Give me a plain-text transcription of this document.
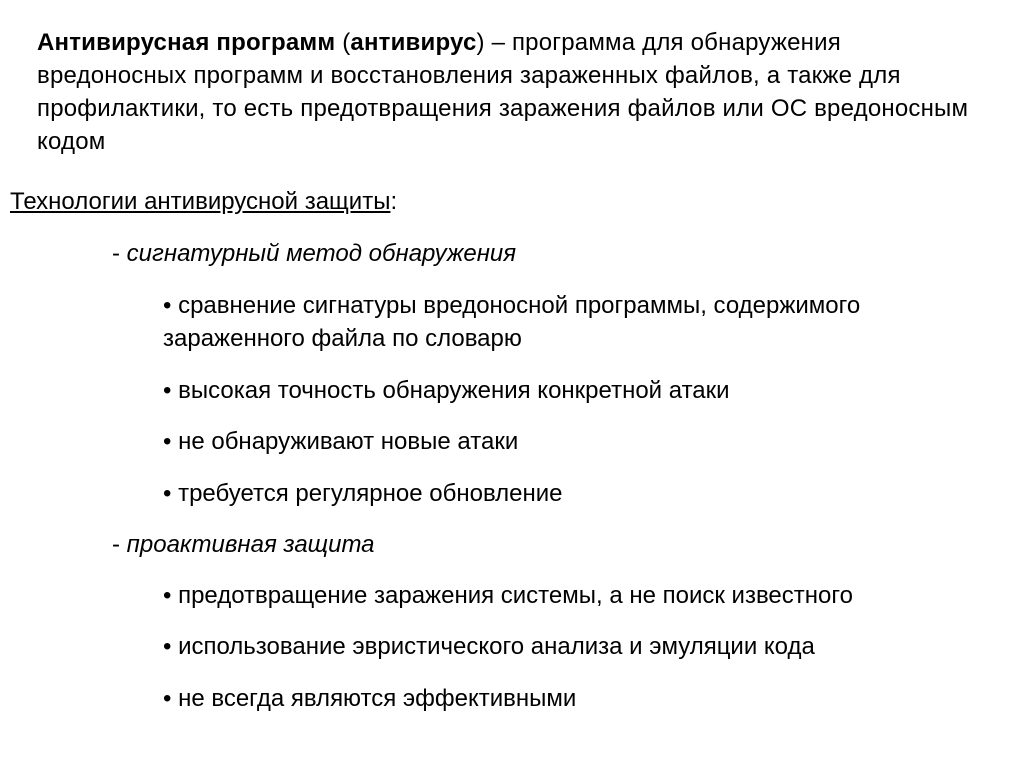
Антивирусная программ (антивирус) – программа для обнаружения вредоносных программ и восстановления зараженных файлов, а также для профилактики, то есть предотвращения заражения файлов или ОС вредоносным кодом

Технологии антивирусной защиты:

- сигнатурный метод обнаружения

• сравнение сигнатуры вредоносной программы, содержимого зараженного файла по словарю

• высокая точность обнаружения конкретной атаки

• не обнаруживают новые атаки

• требуется регулярное обновление

- проактивная защита

• предотвращение заражения системы, а не поиск известного

• использование эвристического анализа и эмуляции кода

• не всегда являются эффективными
